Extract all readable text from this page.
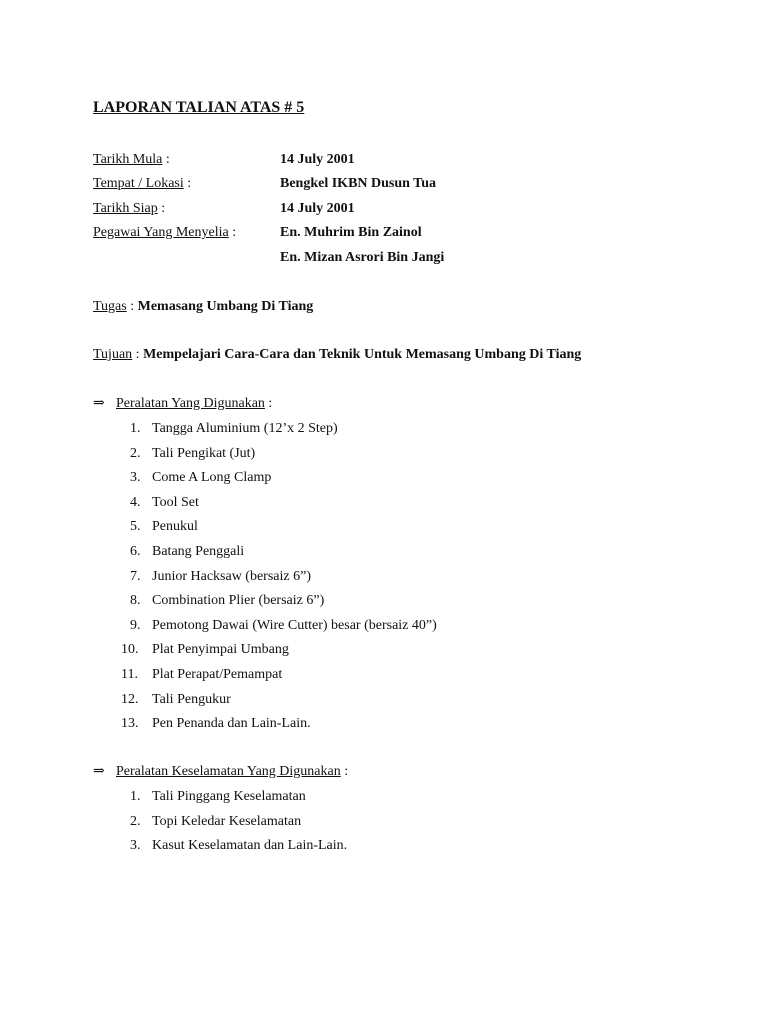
LAPORAN TALIAN ATAS # 5
Tarikh Mula :	14 July 2001
Tempat / Lokasi :	Bengkel IKBN Dusun Tua
Tarikh Siap :	14 July 2001
Pegawai Yang Menyelia :	En. Muhrim Bin Zainol
En. Mizan Asrori Bin Jangi
Tugas : Memasang Umbang Di Tiang
Tujuan : Mempelajari Cara-Cara dan Teknik Untuk Memasang Umbang Di Tiang
⇒ Peralatan Yang Digunakan :
1. Tangga Aluminium (12’x 2 Step)
2. Tali Pengikat (Jut)
3. Come A Long Clamp
4. Tool Set
5. Penukul
6. Batang Penggali
7. Junior Hacksaw (bersaiz 6”)
8. Combination Plier (bersaiz 6”)
9. Pemotong Dawai (Wire Cutter) besar (bersaiz 40”)
10. Plat Penyimpai Umbang
11.	Plat Perapat/Pemampat
12. Tali Pengukur
13. Pen Penanda dan Lain-Lain.
⇒ Peralatan Keselamatan Yang Digunakan :
1. Tali Pinggang Keselamatan
2. Topi Keledar Keselamatan
3. Kasut Keselamatan dan Lain-Lain.
